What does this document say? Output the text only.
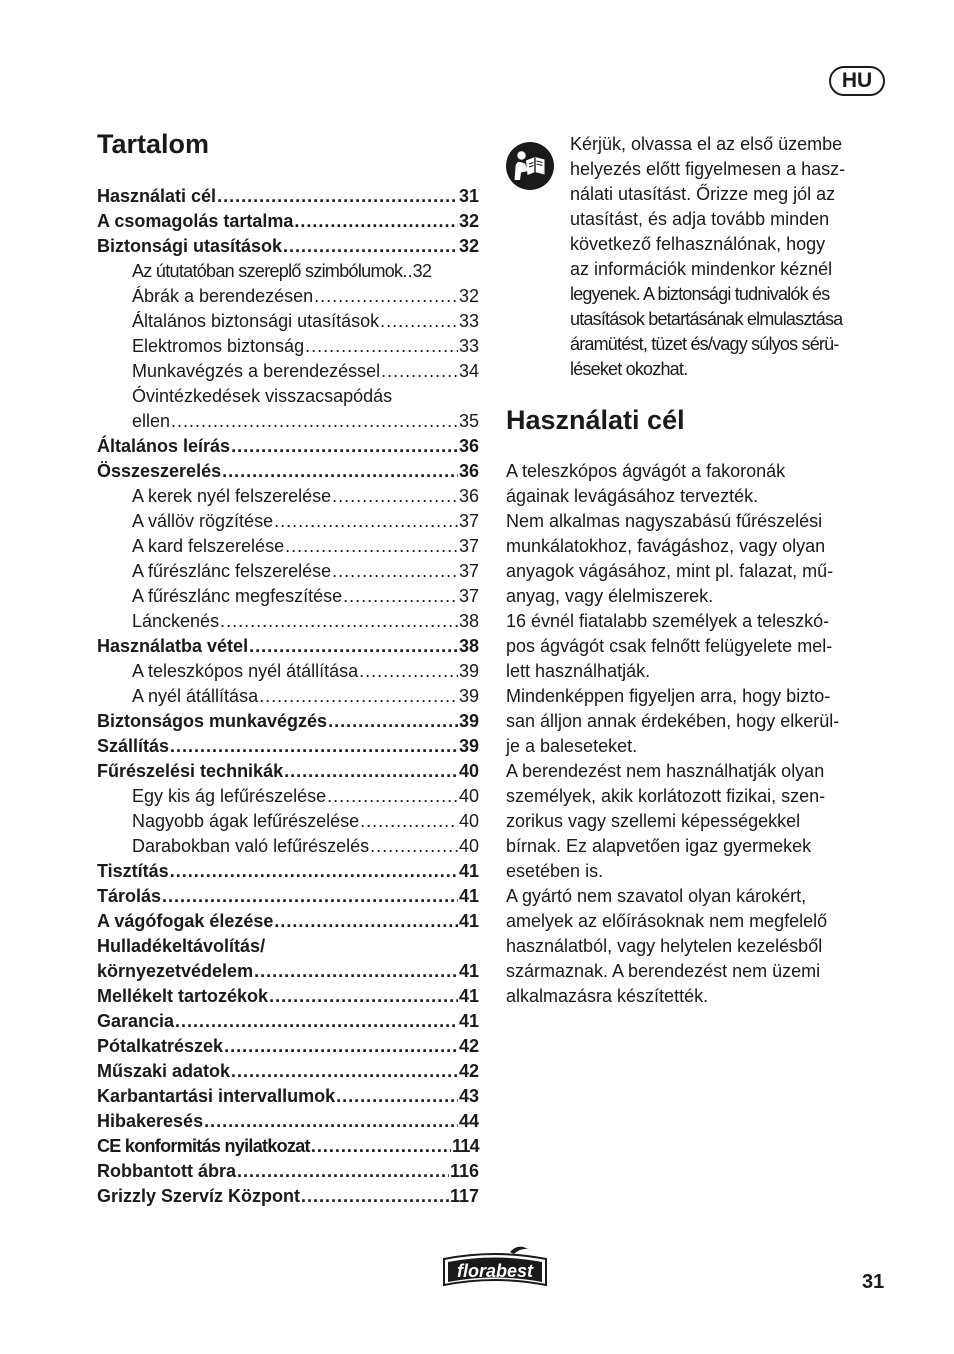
HU
Tartalom
Használati cél .....	31
A csomagolás tartalma .....	32
Biztonsági utasítások .....	32
Az útutatóban szereplő szimbólumok. ..... 32
Ábrák a berendezésen .....	32
Általános biztonsági utasítások .....	33
Elektromos biztonság .....	33
Munkavégzés a berendezéssel .....	34
Óvintézkedések visszacsapódás
ellen .....	35
Általános leírás .....	36
Összeszerelés .....	36
A kerek nyél felszerelése .....	36
A vállöv rögzítése .....	37
A kard felszerelése .....	37
A fűrészlánc felszerelése .....	37
A fűrészlánc megfeszítése .....	37
Lánckenés .....	38
Használatba vétel .....	38
A teleszkópos nyél átállítása .....	39
A nyél átállítása .....	39
Biztonságos munkavégzés .....	39
Szállítás .....	39
Fűrészelési technikák .....	40
Egy kis ág lefűrészelése .....	40
Nagyobb ágak lefűrészelése .....	40
Darabokban való lefűrészelés .....	40
Tisztítás .....	41
Tárolás .....	41
A vágófogak élezése .....	41
Hulladékeltávolítás/
környezetvédelem .....	41
Mellékelt tartozékok .....	41
Garancia .....	41
Pótalkatrészek .....	42
Műszaki adatok .....	42
Karbantartási intervallumok .....	43
Hibakeresés .....	44
CE konformitás nyilatkozat .....	114
Robbantott ábra .....	116
Grizzly Szervíz Központ .....	117

Kérjük, olvassa el az első üzembe
helyezés előtt figyelmesen a hasz-
nálati utasítást. Őrizze meg jól az
utasítást, és adja tovább minden
következő felhasználónak, hogy
az információk mindenkor kéznél
legyenek. A biztonsági tudnivalók és
utasítások betartásának elmulasztása
áramütést, tüzet és/vagy súlyos sérü-
léseket okozhat.

Használati cél

A teleszkópos ágvágót a fakoronák
ágainak levágásához tervezték.
Nem alkalmas nagyszabású fűrészelési
munkálatokhoz, favágáshoz, vagy olyan
anyagok vágásához, mint pl. falazat, mű-
anyag, vagy élelmiszerek.
16 évnél fiatalabb személyek a teleszkó-
pos ágvágót csak felnőtt felügyelete mel-
lett használhatják.
Mindenképpen figyeljen arra, hogy bizto-
san álljon annak érdekében, hogy elkerül-
je a baleseteket.
A berendezést nem használhatják olyan
személyek, akik korlátozott fizikai, szen-
zorikus vagy szellemi képességekkel
bírnak. Ez alapvetően igaz gyermekek
esetében is.
A gyártó nem szavatol olyan károkért,
amelyek az előírásoknak nem megfelelő
használatból, vagy helytelen kezelésből
származnak. A berendezést nem üzemi
alkalmazásra készítették.

florabest	31
